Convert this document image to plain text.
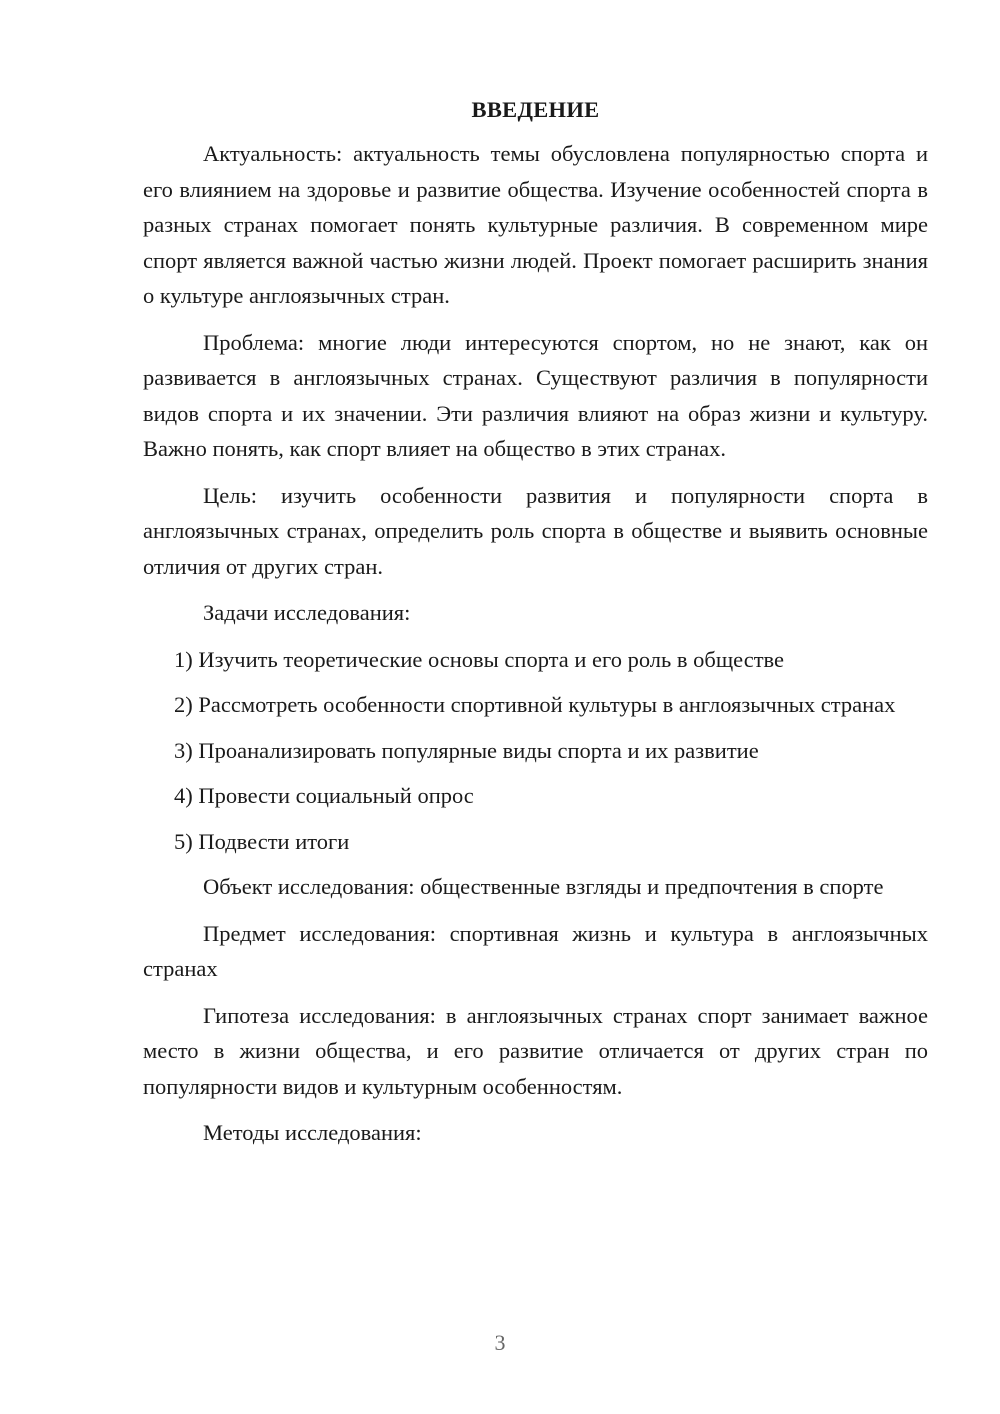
ВВЕДЕНИЕ

Актуальность: актуальность темы обусловлена популярностью спорта и его влиянием на здоровье и развитие общества. Изучение особенностей спорта в разных странах помогает понять культурные различия. В современном мире спорт является важной частью жизни людей. Проект помогает расширить знания о культуре англоязычных стран.

Проблема: многие люди интересуются спортом, но не знают, как он развивается в англоязычных странах. Существуют различия в популярности видов спорта и их значении. Эти различия влияют на образ жизни и культуру. Важно понять, как спорт влияет на общество в этих странах.

Цель: изучить особенности развития и популярности спорта в англоязычных странах, определить роль спорта в обществе и выявить основные отличия от других стран.

Задачи исследования:

1) Изучить теоретические основы спорта и его роль в обществе

2) Рассмотреть особенности спортивной культуры в англоязычных странах

3) Проанализировать популярные виды спорта и их развитие

4) Провести социальный опрос

5) Подвести итоги

Объект исследования: общественные взгляды и предпочтения в спорте

Предмет исследования: спортивная жизнь и культура в англоязычных странах

Гипотеза исследования: в англоязычных странах спорт занимает важное место в жизни общества, и его развитие отличается от других стран по популярности видов и культурным особенностям.

Методы исследования:

3
